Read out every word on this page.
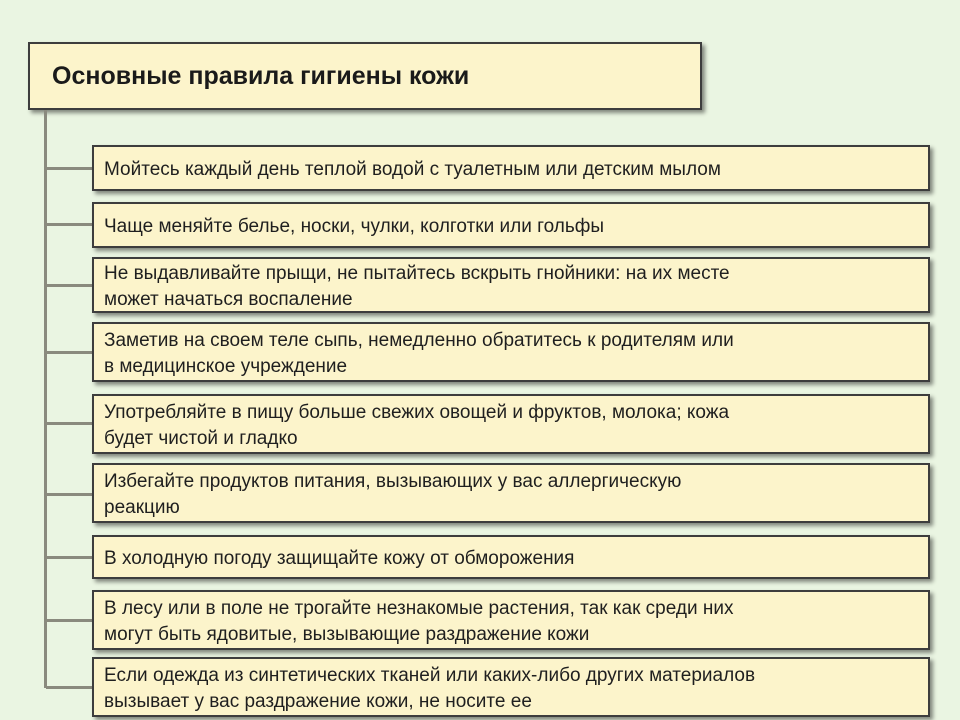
Основные правила гигиены кожи
Мойтесь каждый день теплой водой с туалетным или детским мылом
Чаще меняйте белье, носки, чулки, колготки или гольфы
Не выдавливайте прыщи, не пытайтесь вскрыть гнойники: на их месте
может начаться воспаление
Заметив на своем теле сыпь, немедленно обратитесь к родителям или
в медицинское учреждение
Употребляйте в пищу больше свежих овощей и фруктов, молока; кожа
будет чистой и гладко
Избегайте продуктов питания, вызывающих у вас аллергическую
реакцию
В холодную погоду защищайте кожу от обморожения
В лесу или в поле не трогайте незнакомые растения, так как среди них
могут быть ядовитые, вызывающие раздражение кожи
Если одежда из синтетических тканей или каких-либо других материалов
вызывает у вас раздражение кожи, не носите ее
